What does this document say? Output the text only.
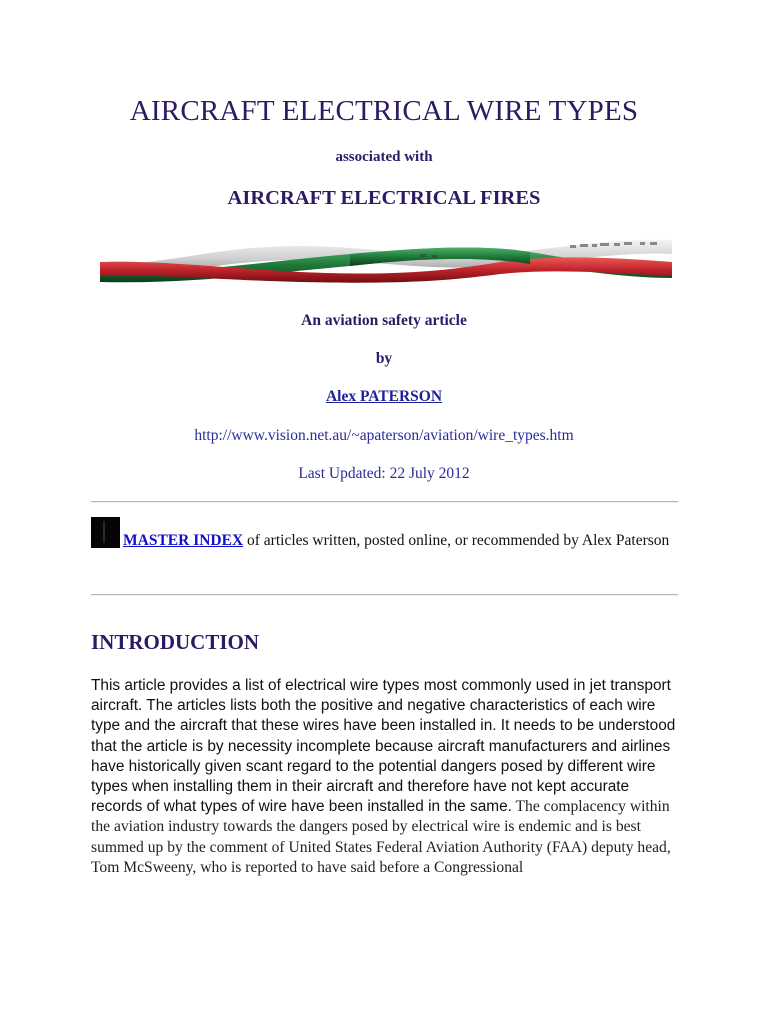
AIRCRAFT ELECTRICAL WIRE TYPES
associated with
AIRCRAFT ELECTRICAL FIRES
An aviation safety article
by
Alex PATERSON
http://www.vision.net.au/~apaterson/aviation/wire_types.htm
Last Updated: 22 July 2012
MASTER INDEX of articles written, posted online, or recommended by Alex Paterson
INTRODUCTION
This article provides a list of electrical wire types most commonly used in jet transport aircraft. The articles lists both the positive and negative characteristics of each wire type and the aircraft that these wires have been installed in. It needs to be understood that the article is by necessity incomplete because aircraft manufacturers and airlines have historically given scant regard to the potential dangers posed by different wire types when installing them in their aircraft and therefore have not kept accurate records of what types of wire have been installed in the same. The complacency within the aviation industry towards the dangers posed by electrical wire is endemic and is best summed up by the comment of United States Federal Aviation Authority (FAA) deputy head, Tom McSweeny, who is reported to have said before a Congressional
